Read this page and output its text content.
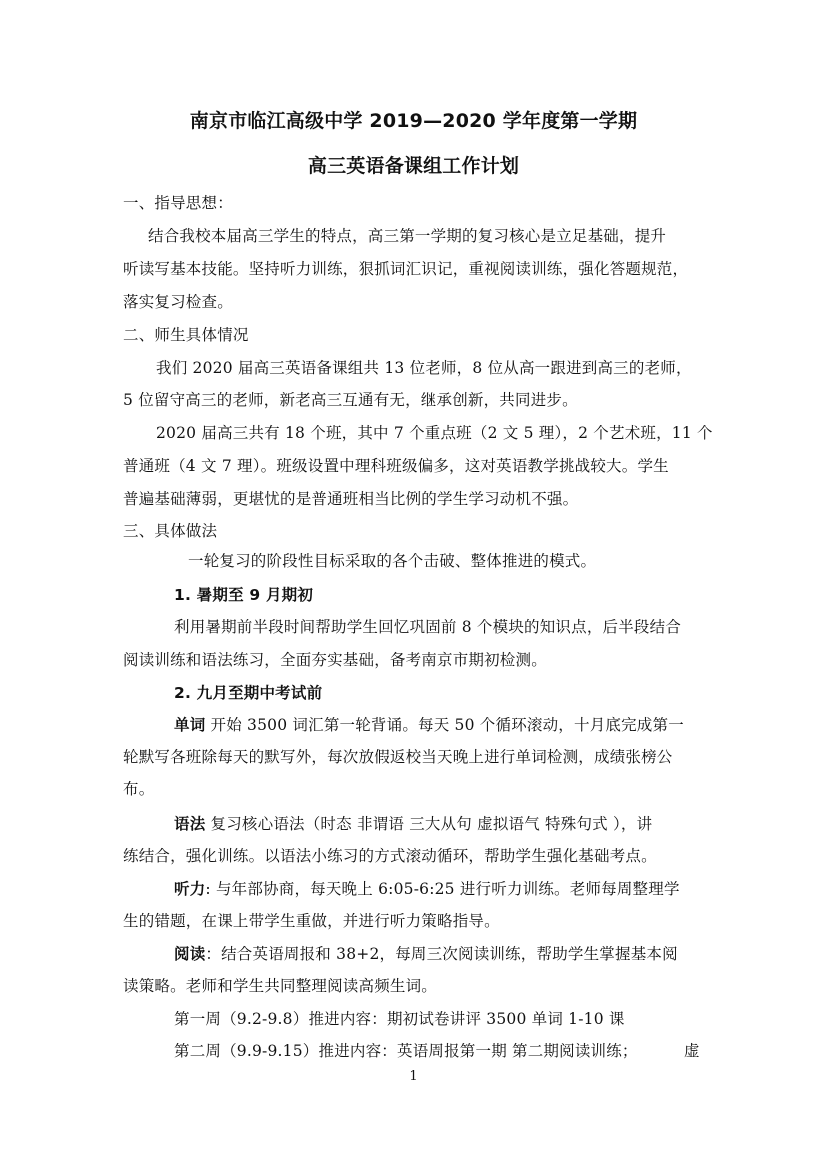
南京市临江高级中学 2019—2020 学年度第一学期
高三英语备课组工作计划
一、指导思想：
结合我校本届高三学生的特点，高三第一学期的复习核心是立足基础，提升
听读写基本技能。坚持听力训练，狠抓词汇识记，重视阅读训练，强化答题规范，
落实复习检查。
二、师生具体情况
我们 2020 届高三英语备课组共 13 位老师，8 位从高一跟进到高三的老师，
5 位留守高三的老师，新老高三互通有无，继承创新，共同进步。
2020 届高三共有 18 个班，其中 7 个重点班（2 文 5 理），2 个艺术班，11 个
普通班（4 文 7 理）。班级设置中理科班级偏多，这对英语教学挑战较大。学生
普遍基础薄弱，更堪忧的是普通班相当比例的学生学习动机不强。
三、具体做法
一轮复习的阶段性目标采取的各个击破、整体推进的模式。
1. 暑期至 9 月期初
利用暑期前半段时间帮助学生回忆巩固前 8 个模块的知识点，后半段结合
阅读训练和语法练习，全面夯实基础，备考南京市期初检测。
2. 九月至期中考试前
单词 开始 3500 词汇第一轮背诵。每天 50 个循环滚动，十月底完成第一
轮默写各班除每天的默写外，每次放假返校当天晚上进行单词检测，成绩张榜公
布。
语法 复习核心语法（时态 非谓语 三大从句 虚拟语气 特殊句式 ），讲
练结合，强化训练。以语法小练习的方式滚动循环，帮助学生强化基础考点。
听力: 与年部协商，每天晚上 6:05-6:25 进行听力训练。老师每周整理学
生的错题，在课上带学生重做，并进行听力策略指导。
阅读：结合英语周报和 38+2，每周三次阅读训练，帮助学生掌握基本阅
读策略。老师和学生共同整理阅读高频生词。
第一周（9.2-9.8）推进内容：期初试卷讲评 3500 单词 1-10 课
第二周（9.9-9.15）推进内容：英语周报第一期 第二期阅读训练；	虚
1
